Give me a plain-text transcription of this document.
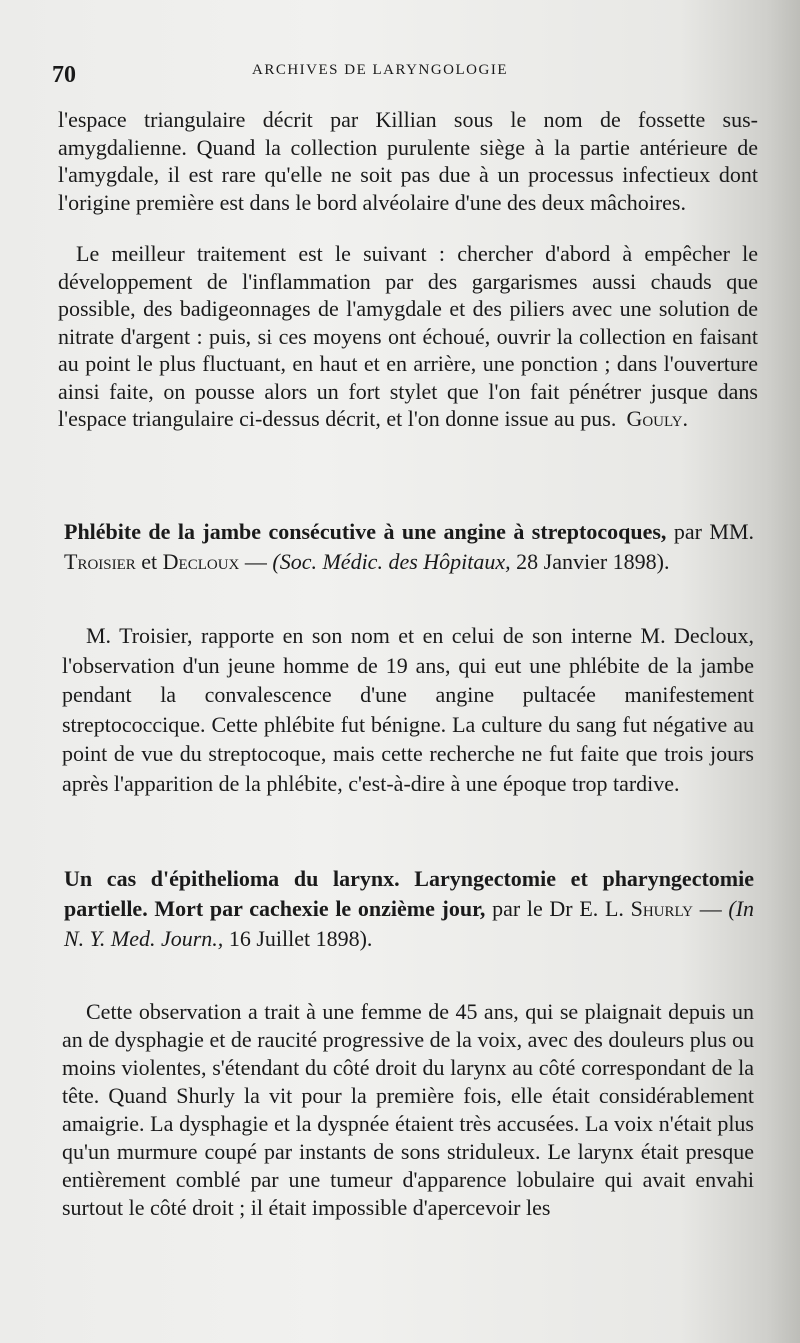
70	ARCHIVES DE LARYNGOLOGIE
l'espace triangulaire décrit par Killian sous le nom de fossette sus-amygdalienne. Quand la collection purulente siège à la partie antérieure de l'amygdale, il est rare qu'elle ne soit pas due à un processus infectieux dont l'origine première est dans le bord alvéolaire d'une des deux mâchoires.
Le meilleur traitement est le suivant : chercher d'abord à empêcher le développement de l'inflammation par des gargarismes aussi chauds que possible, des badigeonnages de l'amygdale et des piliers avec une solution de nitrate d'argent : puis, si ces moyens ont échoué, ouvrir la collection en faisant au point le plus fluctuant, en haut et en arrière, une ponction ; dans l'ouverture ainsi faite, on pousse alors un fort stylet que l'on fait pénétrer jusque dans l'espace triangulaire ci-dessus décrit, et l'on donne issue au pus. Gouly.
Phlébite de la jambe consécutive à une angine à streptocoques, par MM. Troisier et Decloux — (Soc. Médic. des Hôpitaux, 28 Janvier 1898).
M. Troisier, rapporte en son nom et en celui de son interne M. Decloux, l'observation d'un jeune homme de 19 ans, qui eut une phlébite de la jambe pendant la convalescence d'une angine pultacée manifestement streptococcique. Cette phlébite fut bénigne. La culture du sang fut négative au point de vue du streptocoque, mais cette recherche ne fut faite que trois jours après l'apparition de la phlébite, c'est-à-dire à une époque trop tardive.
Un cas d'épithelioma du larynx. Laryngectomie et pharyngectomie partielle. Mort par cachexie le onzième jour, par le Dr E. L. Shurly — (In N. Y. Med. Journ., 16 Juillet 1898).
Cette observation a trait à une femme de 45 ans, qui se plaignait depuis un an de dysphagie et de raucité progressive de la voix, avec des douleurs plus ou moins violentes, s'étendant du côté droit du larynx au côté correspondant de la tête. Quand Shurly la vit pour la première fois, elle était considérablement amaigrie. La dysphagie et la dyspnée étaient très accusées. La voix n'était plus qu'un murmure coupé par instants de sons striduleux. Le larynx était presque entièrement comblé par une tumeur d'apparence lobulaire qui avait envahi surtout le côté droit ; il était impossible d'apercevoir les
